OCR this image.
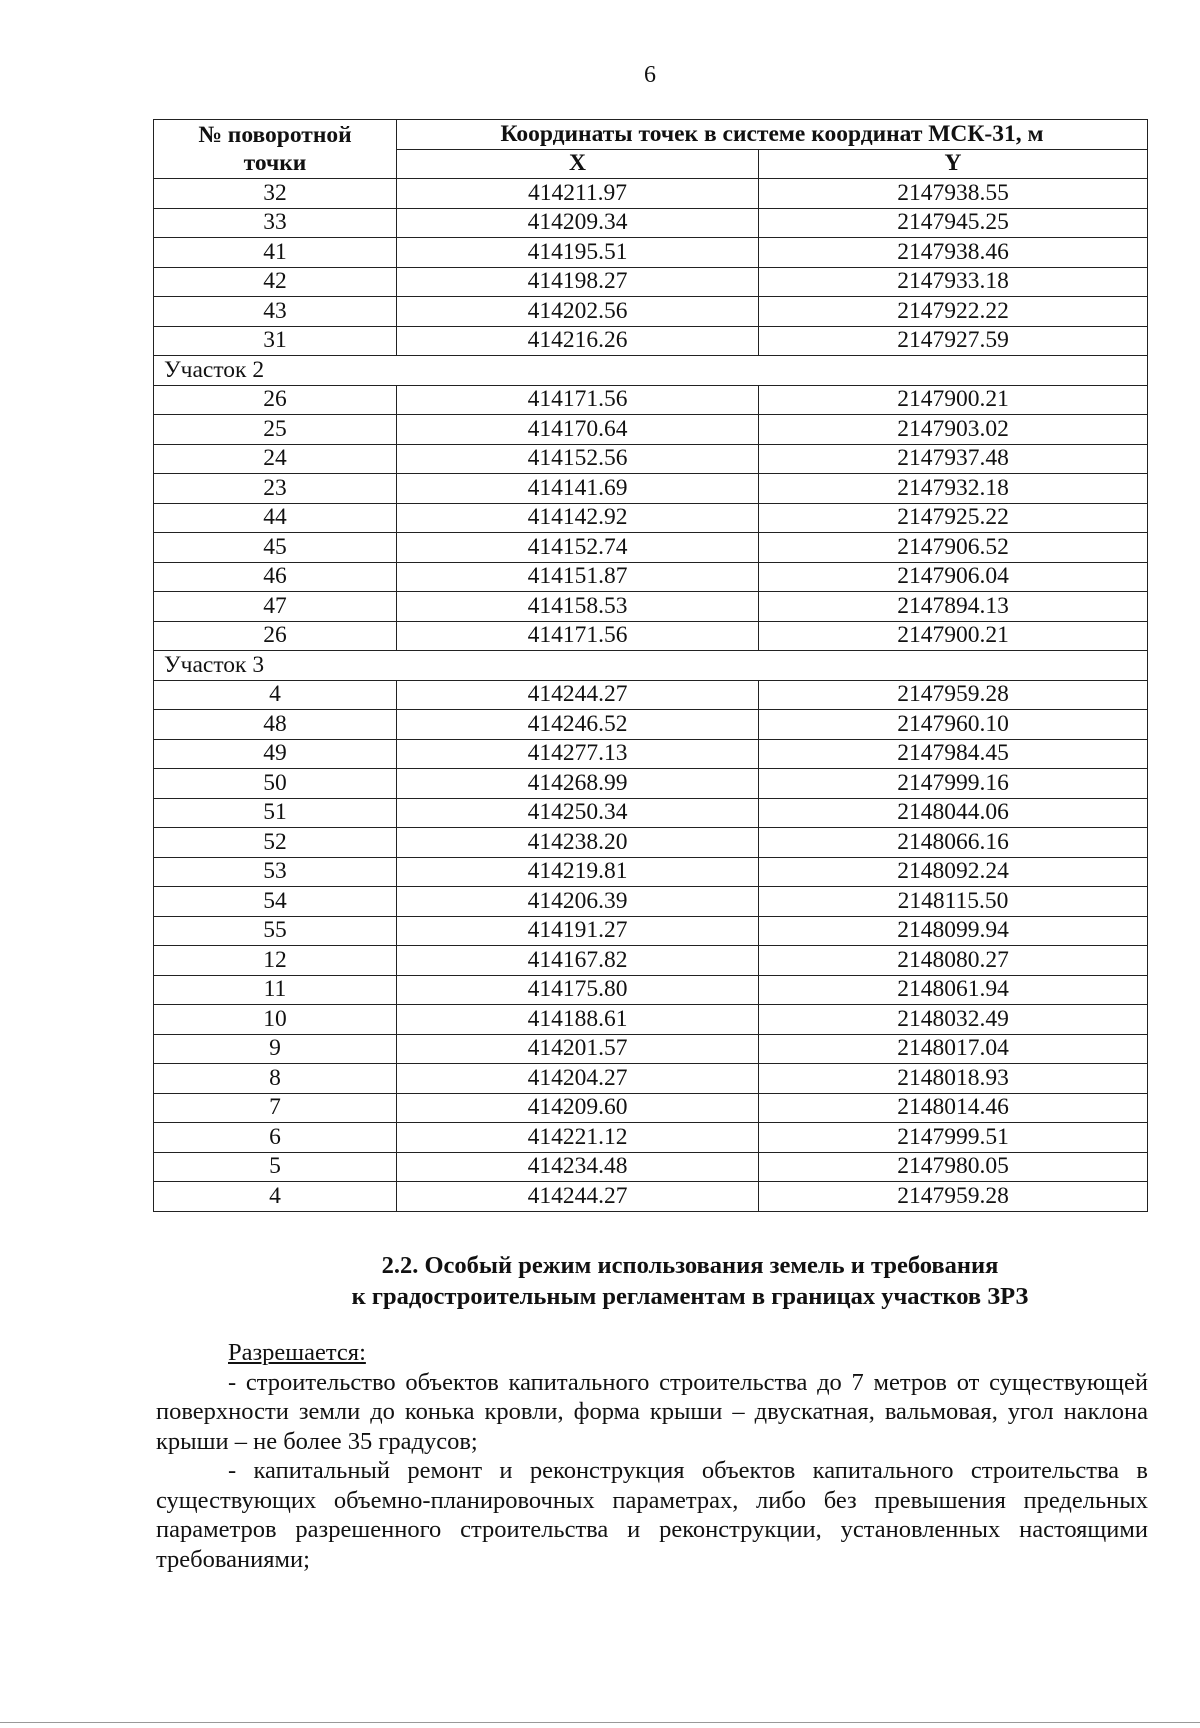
6
№ поворотной
точки	Координаты точек в системе координат МСК-31, м	
	X	Y
32	414211.97	2147938.55
33	414209.34	2147945.25
41	414195.51	2147938.46
42	414198.27	2147933.18
43	414202.56	2147922.22
31	414216.26	2147927.59
Участок 2		
26	414171.56	2147900.21
25	414170.64	2147903.02
24	414152.56	2147937.48
23	414141.69	2147932.18
44	414142.92	2147925.22
45	414152.74	2147906.52
46	414151.87	2147906.04
47	414158.53	2147894.13
26	414171.56	2147900.21
Участок 3		
4	414244.27	2147959.28
48	414246.52	2147960.10
49	414277.13	2147984.45
50	414268.99	2147999.16
51	414250.34	2148044.06
52	414238.20	2148066.16
53	414219.81	2148092.24
54	414206.39	2148115.50
55	414191.27	2148099.94
12	414167.82	2148080.27
11	414175.80	2148061.94
10	414188.61	2148032.49
9	414201.57	2148017.04
8	414204.27	2148018.93
7	414209.60	2148014.46
6	414221.12	2147999.51
5	414234.48	2147980.05
4	414244.27	2147959.28
2.2. Особый режим использования земель и требования
к градостроительным регламентам в границах участков ЗРЗ

Разрешается:

- строительство объектов капитального строительства до 7 метров от существующей поверхности земли до конька кровли, форма крыши – двускатная, вальмовая, угол наклона крыши – не более 35 градусов;

- капитальный ремонт и реконструкция объектов капитального строительства в существующих объемно-планировочных параметрах, либо без превышения предельных параметров разрешенного строительства и реконструкции, установленных настоящими требованиями;
